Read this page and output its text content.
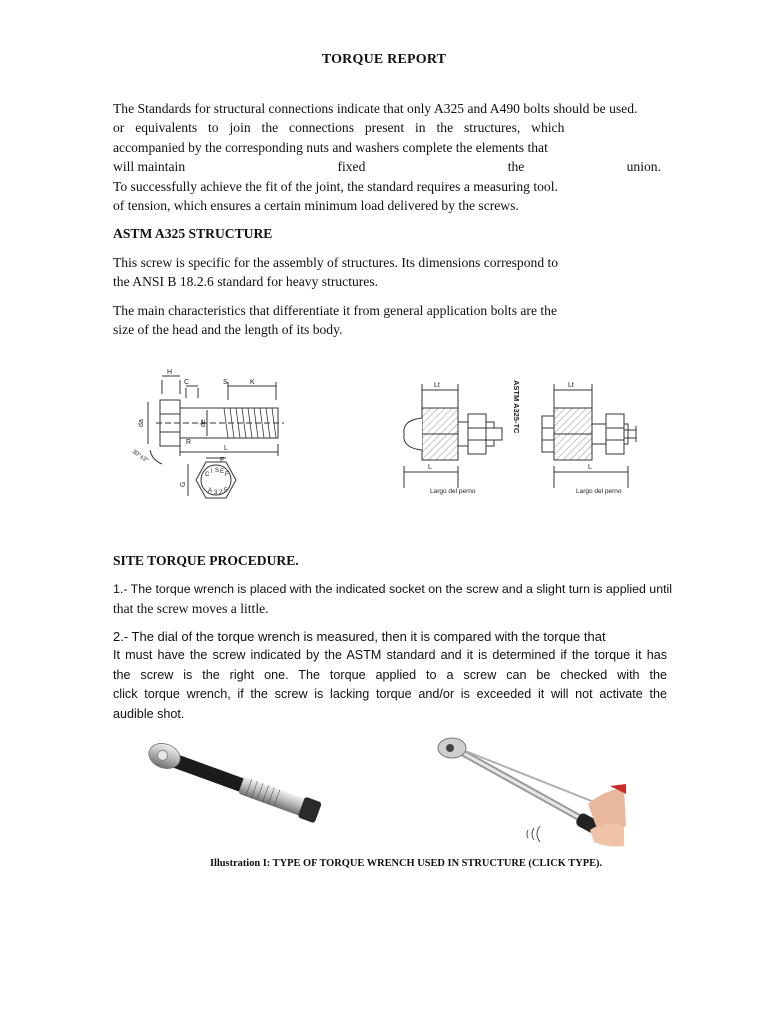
TORQUE REPORT
The Standards for structural connections indicate that only A325 and A490 bolts should be used.
or equivalents to join the connections present in the structures, which
accompanied by the corresponding nuts and washers complete the elements that
will maintain	fixed	the	union.
To successfully achieve the fit of the joint, the standard requires a measuring tool.
of tension, which ensures a certain minimum load delivered by the screws.
ASTM A325 STRUCTURE
This screw is specific for the assembly of structures. Its dimensions correspond to
the ANSI B 18.2.6 standard for heavy structures.
The main characteristics that differentiate it from general application bolts are the
size of the head and the length of its body.
H
C	S	K
da	de
R
L
F
G
30°±3°
C I S E F
A 3 2 5
Lt	Lt
L	L
Largo del perno	Largo del perno
ASTM A325-TC
SITE TORQUE PROCEDURE.
1.- The torque wrench is placed with the indicated socket on the screw and a slight turn is applied until
that the screw moves a little.
2.- The dial of the torque wrench is measured, then it is compared with the torque that
It must have the screw indicated by the ASTM standard and it is determined if the torque it has
the screw is the right one. The torque applied to a screw can be checked with the
click torque wrench, if the screw is lacking torque and/or is exceeded it will not activate the
audible shot.
Illustration I: TYPE OF TORQUE WRENCH USED IN STRUCTURE (CLICK TYPE).
